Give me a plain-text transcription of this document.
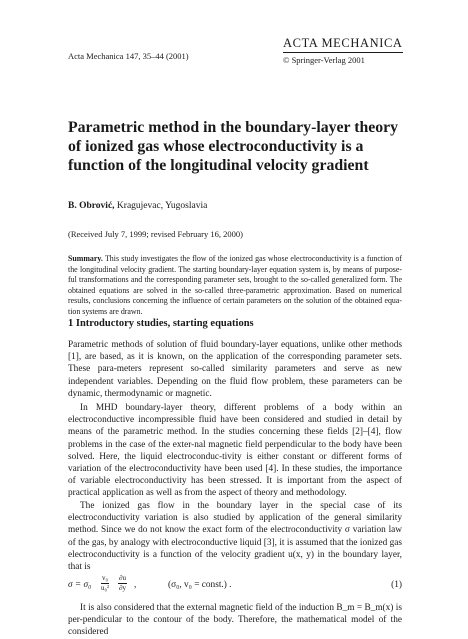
Acta Mechanica 147, 35–44 (2001)
ACTA MECHANICA
© Springer-Verlag 2001
Parametric method in the boundary-layer theory of ionized gas whose electroconductivity is a function of the longitudinal velocity gradient
B. Obrović, Kragujevac, Yugoslavia
(Received July 7, 1999; revised February 16, 2000)
Summary. This study investigates the flow of the ionized gas whose electroconductivity is a function of the longitudinal velocity gradient. The starting boundary-layer equation system is, by means of purpose-ful transformations and the corresponding parameter sets, brought to the so-called generalized form. The obtained equations are solved in the so-called three-parametric approximation. Based on numerical results, conclusions concerning the influence of certain parameters on the solution of the obtained equa-tion systems are drawn.
1 Introductory studies, starting equations
Parametric methods of solution of fluid boundary-layer equations, unlike other methods [1], are based, as it is known, on the application of the corresponding parameter sets. These para-meters represent so-called similarity parameters and serve as new independent variables. Depending on the fluid flow problem, these parameters can be dynamic, thermodynamic or magnetic.
In MHD boundary-layer theory, different problems of a body within an electroconductive incompressible fluid have been considered and studied in detail by means of the parametric method. In the studies concerning these fields [2]–[4], flow problems in the case of the exter-nal magnetic field perpendicular to the body have been solved. Here, the liquid electroconduc-tivity is either constant or different forms of variation of the electroconductivity have been used [4]. In these studies, the importance of variable electroconductivity has been stressed. It is important from the aspect of practical application as well as from the aspect of theory and methodology.
The ionized gas flow in the boundary layer in the special case of its electroconductivity variation is also studied by application of the general similarity method. Since we do not know the exact form of the electroconductivity σ variation law of the gas, by analogy with electroconductive liquid [3], it is assumed that the ionized gas electroconductivity is a function of the velocity gradient u(x, y) in the boundary layer, that is
$\sigma = \sigma_0 \frac{\text{v₀}}{\text{u₀²}} \frac{\partial u}{\partial y}$ ,	(σ₀, v₀ = const.) .	(1)
It is also considered that the external magnetic field of the induction B_m = B_m(x) is per-pendicular to the contour of the body. Therefore, the mathematical model of the considered
